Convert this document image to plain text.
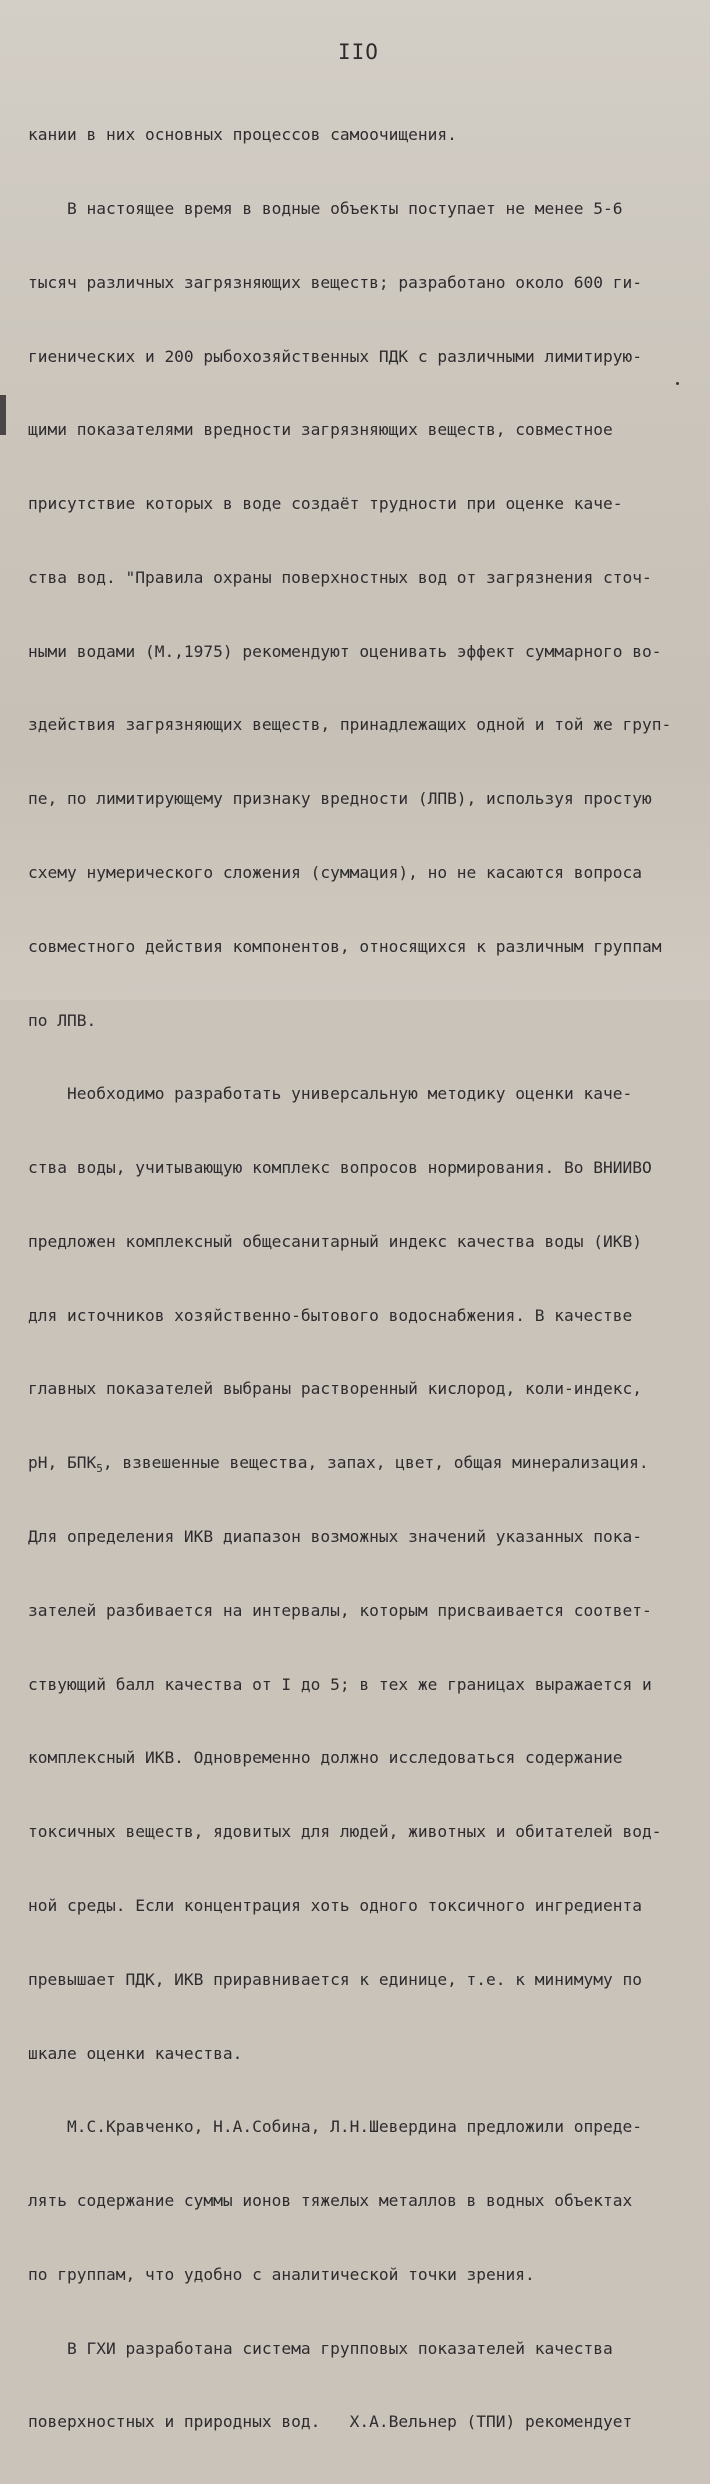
IIO

кании в них основных процессов самоочищения.

В настоящее время в водные объекты поступает не менее 5-6

тысяч различных загрязняющих веществ; разработано около 600 ги-

гиенических и 200 рыбохозяйственных ПДК с различными лимитирую-

щими показателями вредности загрязняющих веществ, совместное

присутствие которых в воде создаёт трудности при оценке каче-

ства вод. "Правила охраны поверхностных вод от загрязнения сточ-

ными водами (М.,1975) рекомендуют оценивать эффект суммарного во-

здействия загрязняющих веществ, принадлежащих одной и той же груп-

пе, по лимитирующему признаку вредности (ЛПВ), используя простую

схему нумерического сложения (суммация), но не касаются вопроса

совместного действия компонентов, относящихся к различным группам

по ЛПВ.

Необходимо разработать универсальную методику оценки каче-

ства воды, учитывающую комплекс вопросов нормирования. Во ВНИИВО

предложен комплексный общесанитарный индекс качества воды (ИКВ)

для источников хозяйственно-бытового водоснабжения. В качестве

главных показателей выбраны растворенный кислород, коли-индекс,

pH, $БПК_5$, взвешенные вещества, запах, цвет, общая минерализация.

Для определения ИКВ диапазон возможных значений указанных пока-

зателей разбивается на интервалы, которым присваивается соответ-

ствующий балл качества от I до 5; в тех же границах выражается и

комплексный ИКВ. Одновременно должно исследоваться содержание

токсичных веществ, ядовитых для людей, животных и обитателей вод-

ной среды. Если концентрация хоть одного токсичного ингредиента

превышает ПДК, ИКВ приравнивается к единице, т.е. к минимуму по

шкале оценки качества.

М.С.Кравченко, Н.А.Собина, Л.Н.Шевердина предложили опреде-

лять содержание суммы ионов тяжелых металлов в водных объектах

по группам, что удобно с аналитической точки зрения.

В ГХИ разработана система групповых показателей качества

поверхностных и природных вод.   Х.А.Вельнер (ТПИ) рекомендует
